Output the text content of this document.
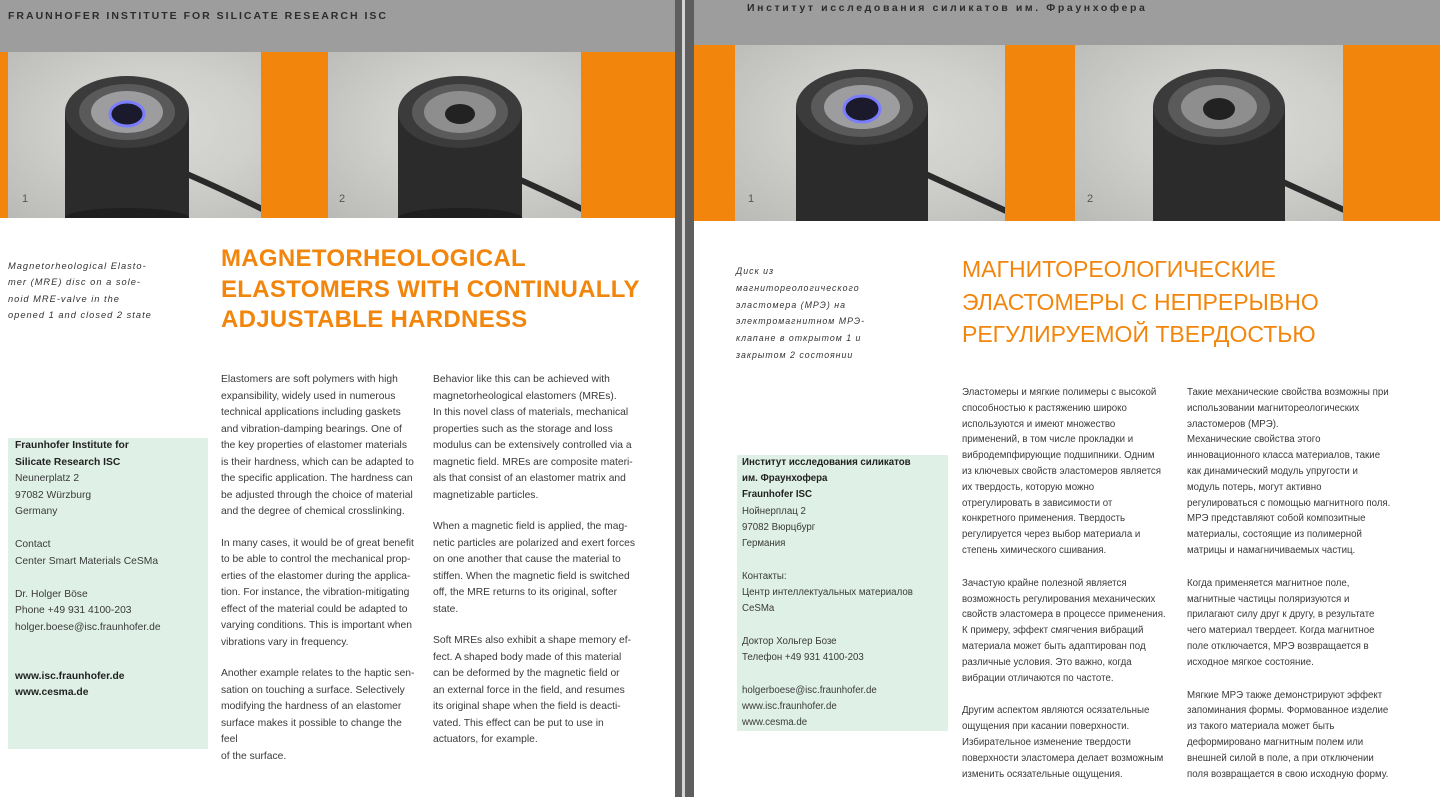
FRAUNHOFER INSTITUTE FOR SILICATE RESEARCH ISC
1	2
Magnetorheological Elasto-
mer (MRE) disc on a sole-
noid MRE-valve in the
opened 1 and closed 2 state
MAGNETORHEOLOGICAL
ELASTOMERS WITH CONTINUALLY
ADJUSTABLE HARDNESS

Elastomers are soft polymers with high
expansibility, widely used in numerous
technical applications including gaskets
and vibration-damping bearings. One of
the key properties of elastomer materials
is their hardness, which can be adapted to
the specific application. The hardness can
be adjusted through the choice of material
and the degree of chemical crosslinking.

In many cases, it would be of great benefit
to be able to control the mechanical prop-
erties of the elastomer during the applica-
tion. For instance, the vibration-mitigating
effect of the material could be adapted to
varying conditions. This is important when
vibrations vary in frequency.

Another example relates to the haptic sen-
sation on touching a surface. Selectively
modifying the hardness of an elastomer
surface makes it possible to change the feel
of the surface.

Behavior like this can be achieved with
magnetorheological elastomers (MREs).
In this novel class of materials, mechanical
properties such as the storage and loss
modulus can be extensively controlled via a
magnetic field. MREs are composite materi-
als that consist of an elastomer matrix and
magnetizable particles.

When a magnetic field is applied, the mag-
netic particles are polarized and exert forces
on one another that cause the material to
stiffen. When the magnetic field is switched
off, the MRE returns to its original, softer
state.

Soft MREs also exhibit a shape memory ef-
fect. A shaped body made of this material
can be deformed by the magnetic field or
an external force in the field, and resumes
its original shape when the field is deacti-
vated. This effect can be put to use in
actuators, for example.

Fraunhofer Institute for
Silicate Research ISC
Neunerplatz 2
97082 Würzburg
Germany
Contact
Center Smart Materials CeSMa
Dr. Holger Böse
Phone +49 931 4100-203
holger.boese@isc.fraunhofer.de
www.isc.fraunhofer.de
www.cesma.de
Институт исследования силикатов им. Фраунхофера
1	2
Диск из
магнитореологического
эластомера (МРЭ) на
электромагнитном МРЭ-
клапане в открытом 1 и
закрытом 2 состоянии
МАГНИТОРЕОЛОГИЧЕСКИЕ
ЭЛАСТОМЕРЫ С НЕПРЕРЫВНО
РЕГУЛИРУЕМОЙ ТВЕРДОСТЬЮ

Эластомеры и мягкие полимеры с высокой
способностью к растяжению широко
используются и имеют множество
применений, в том числе прокладки и
вибродемпфирующие подшипники. Одним
из ключевых свойств эластомеров является
их твердость, которую можно
отрегулировать в зависимости от
конкретного применения. Твердость
регулируется через выбор материала и
степень химического сшивания.

Зачастую крайне полезной является
возможность регулирования механических
свойств эластомера в процессе применения.
К примеру, эффект смягчения вибраций
материала может быть адаптирован под
различные условия. Это важно, когда
вибрации отличаются по частоте.

Другим аспектом являются осязательные
ощущения при касании поверхности.
Избирательное изменение твердости
поверхности эластомера делает возможным
изменить осязательные ощущения.

Такие механические свойства возможны при
использовании магнитореологических
эластомеров (МРЭ).
Механические свойства этого
инновационного класса материалов, такие
как динамический модуль упругости и
модуль потерь, могут активно
регулироваться с помощью магнитного поля.
МРЭ представляют собой композитные
материалы, состоящие из полимерной
матрицы и намагничиваемых частиц.

Когда применяется магнитное поле,
магнитные частицы поляризуются и
прилагают силу друг к другу, в результате
чего материал твердеет. Когда магнитное
поле отключается, МРЭ возвращается в
исходное мягкое состояние.

Мягкие МРЭ также демонстрируют эффект
запоминания формы. Формованное изделие
из такого материала может быть
деформировано магнитным полем или
внешней силой в поле, а при отключении
поля возвращается в свою исходную форму.

Институт исследования силикатов
им. Фраунхофера
Fraunhofer ISC
Нойнерплац 2
97082 Вюрцбург
Германия
Контакты:
Центр интеллектуальных материалов
CeSMa
Доктор Хольгер Бозе
Телефон +49 931 4100-203
holgerboese@isc.fraunhofer.de
www.isc.fraunhofer.de
www.cesma.de
